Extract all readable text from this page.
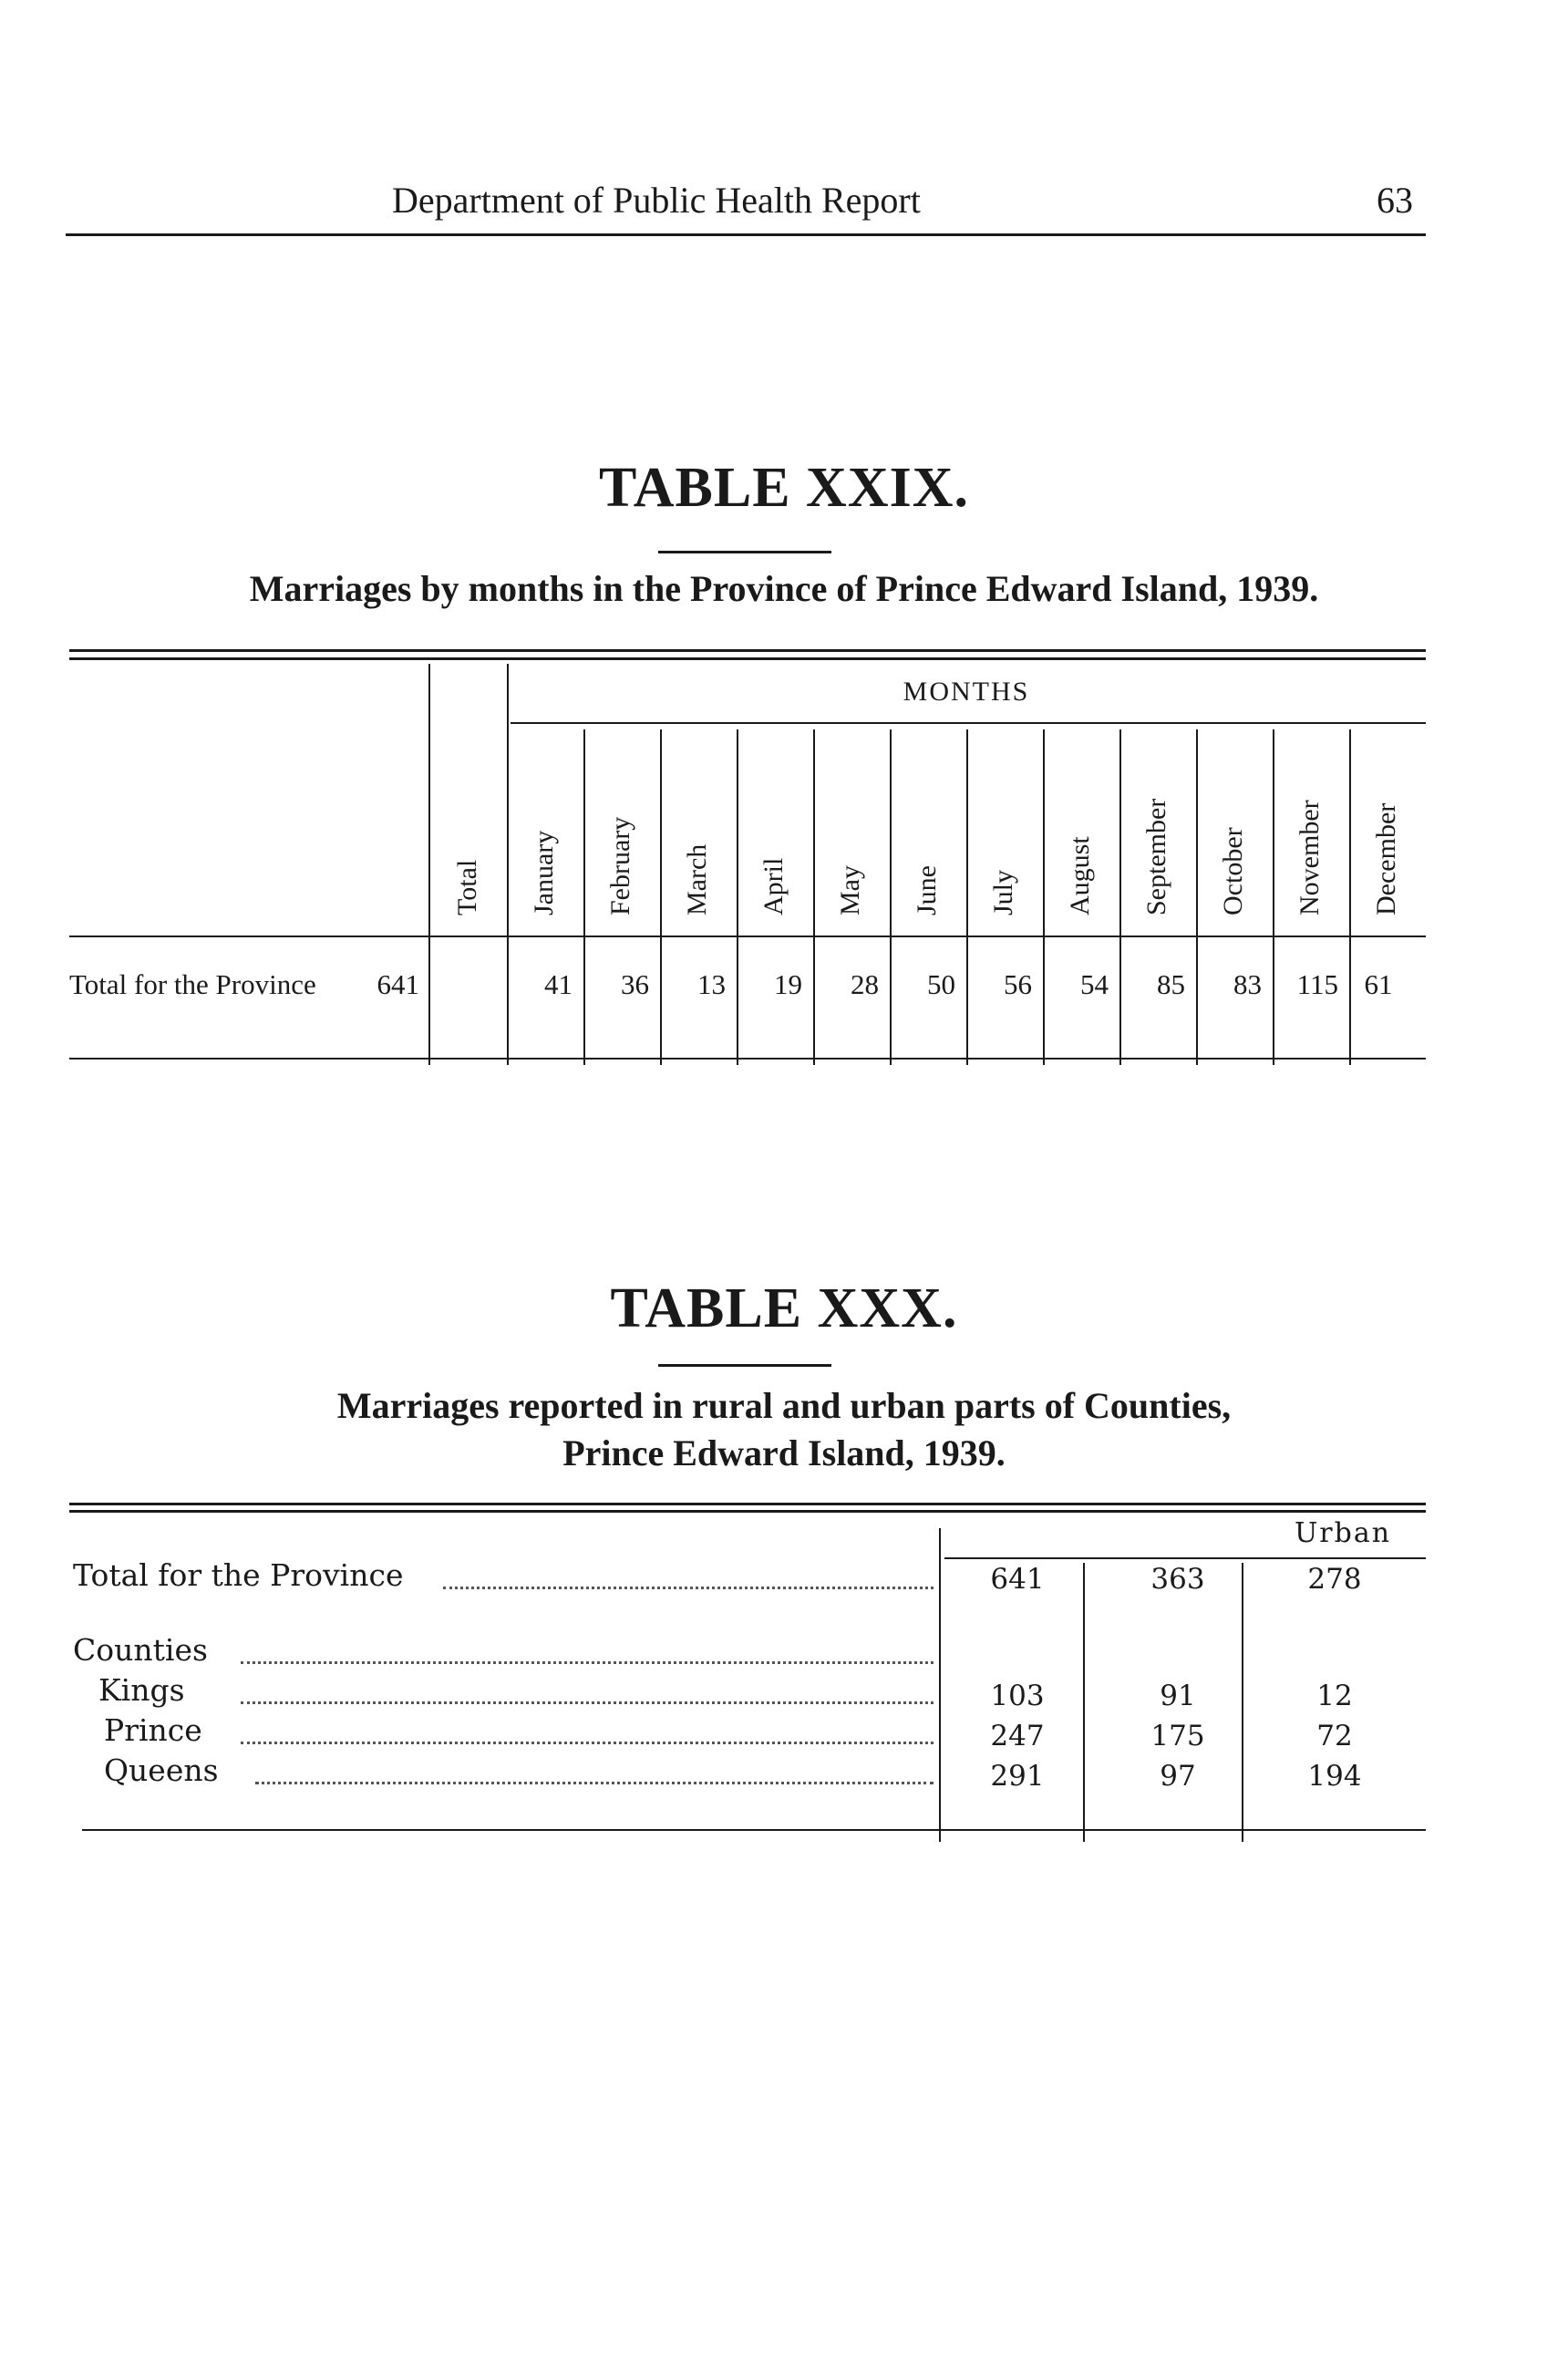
Department of Public Health Report	63
TABLE XXIX.
Marriages by months in the Province of Prince Edward Island, 1939.
MONTHS
Total January February March April May June July August September October November December
Total for the Province	641	41	36	13	19	28	50	56	54	85	83	115 61
TABLE XXX.
Marriages reported in rural and urban parts of Counties,
Prince Edward Island, 1939.
Urban
Total for the Province	641	363	278
Counties
Kings	103	91	12
Prince	247	175	72
Queens	291	97	194
